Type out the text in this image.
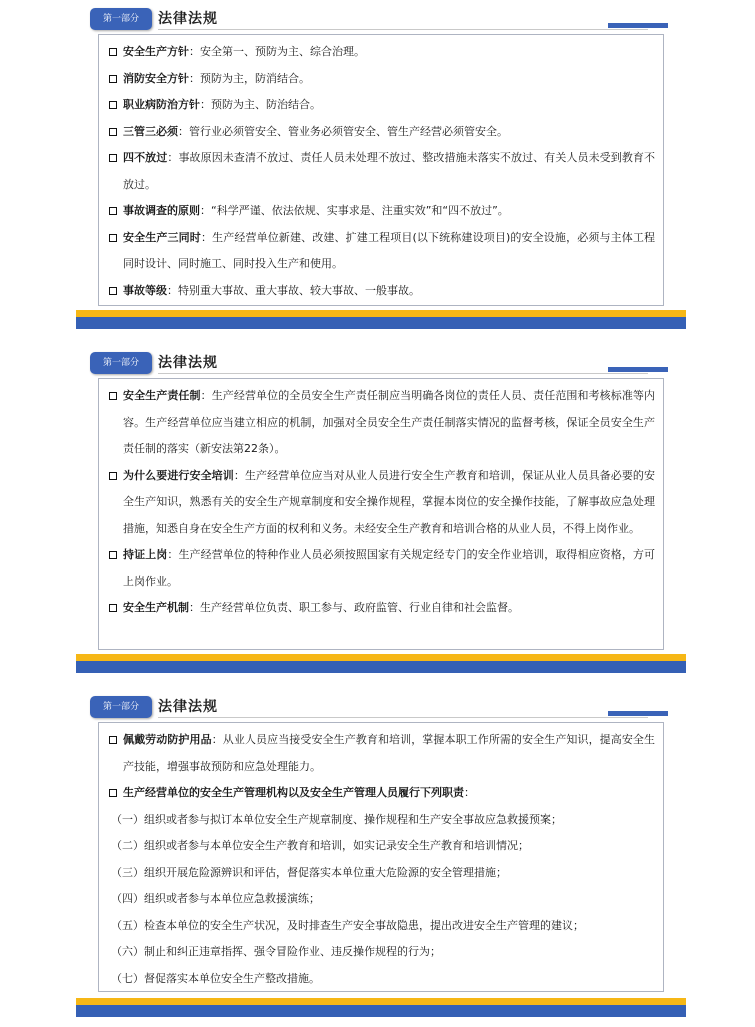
第一部分	法律法规
安全生产方针：安全第一、预防为主、综合治理。
消防安全方针：预防为主，防消结合。
职业病防治方针：预防为主、防治结合。
三管三必须：管行业必须管安全、管业务必须管安全、管生产经营必须管安全。
四不放过：事故原因未查清不放过、责任人员未处理不放过、整改措施未落实不放过、有关人员未受到教育不放过。
事故调查的原则：“科学严谨、依法依规、实事求是、注重实效”和“四不放过”。
安全生产三同时：生产经营单位新建、改建、扩建工程项目(以下统称建设项目)的安全设施，必须与主体工程同时设计、同时施工、同时投入生产和使用。
事故等级：特别重大事故、重大事故、较大事故、一般事故。
第一部分	法律法规
安全生产责任制：生产经营单位的全员安全生产责任制应当明确各岗位的责任人员、责任范围和考核标准等内容。生产经营单位应当建立相应的机制，加强对全员安全生产责任制落实情况的监督考核，保证全员安全生产责任制的落实（新安法第22条）。
为什么要进行安全培训：生产经营单位应当对从业人员进行安全生产教育和培训，保证从业人员具备必要的安全生产知识，熟悉有关的安全生产规章制度和安全操作规程，掌握本岗位的安全操作技能，了解事故应急处理措施，知悉自身在安全生产方面的权利和义务。未经安全生产教育和培训合格的从业人员，不得上岗作业。
持证上岗：生产经营单位的特种作业人员必须按照国家有关规定经专门的安全作业培训，取得相应资格，方可上岗作业。
安全生产机制：生产经营单位负责、职工参与、政府监管、行业自律和社会监督。
第一部分	法律法规
佩戴劳动防护用品：从业人员应当接受安全生产教育和培训，掌握本职工作所需的安全生产知识，提高安全生产技能，增强事故预防和应急处理能力。
生产经营单位的安全生产管理机构以及安全生产管理人员履行下列职责：
（一）组织或者参与拟订本单位安全生产规章制度、操作规程和生产安全事故应急救援预案；
（二）组织或者参与本单位安全生产教育和培训，如实记录安全生产教育和培训情况；
（三）组织开展危险源辨识和评估，督促落实本单位重大危险源的安全管理措施；
（四）组织或者参与本单位应急救援演练；
（五）检查本单位的安全生产状况，及时排查生产安全事故隐患，提出改进安全生产管理的建议；
（六）制止和纠正违章指挥、强令冒险作业、违反操作规程的行为；
（七）督促落实本单位安全生产整改措施。
